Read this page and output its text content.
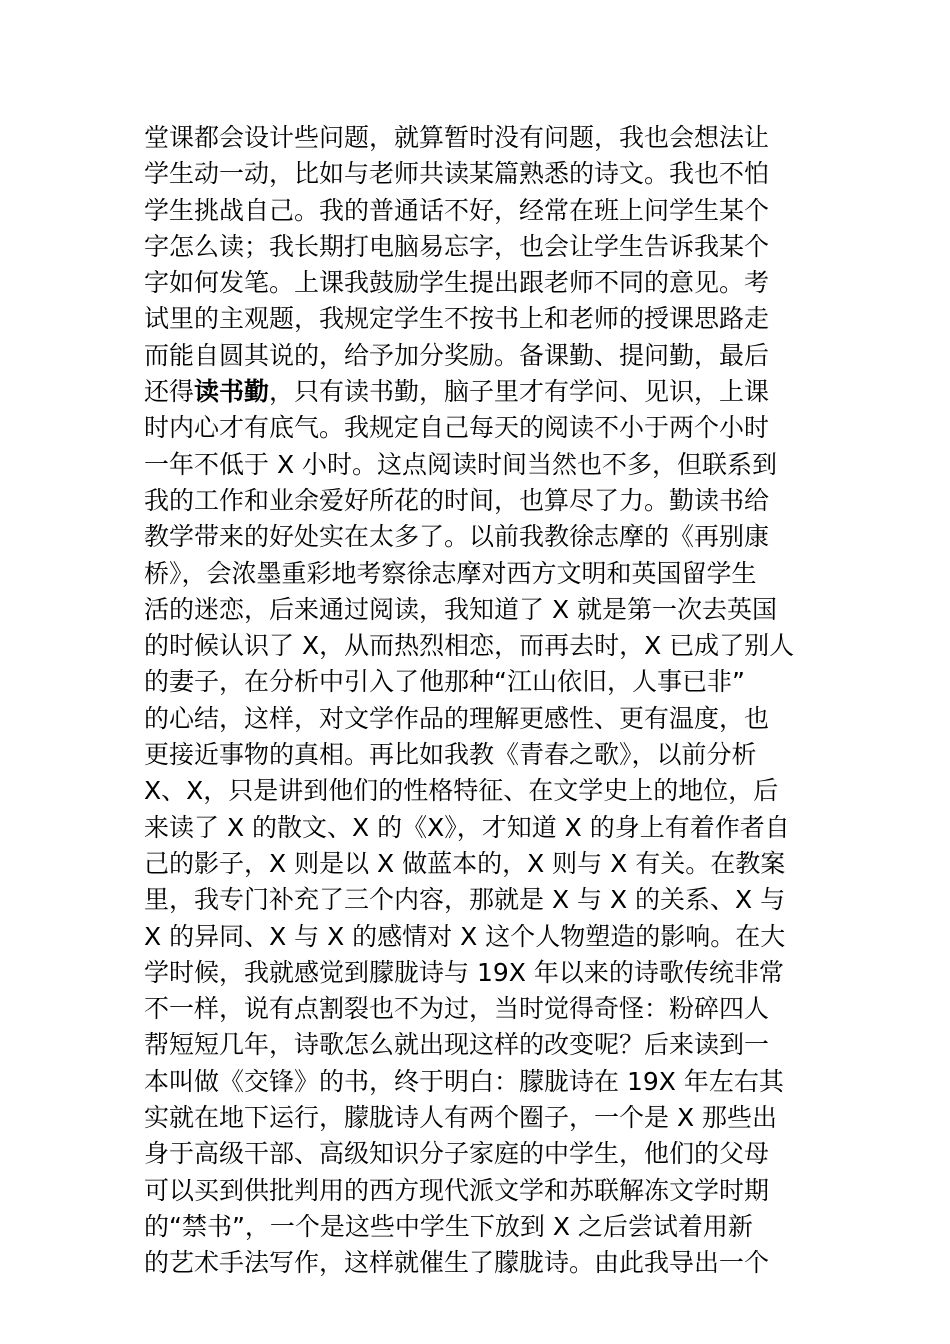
堂课都会设计些问题，就算暂时没有问题，我也会想法让
学生动一动，比如与老师共读某篇熟悉的诗文。我也不怕
学生挑战自己。我的普通话不好，经常在班上问学生某个
字怎么读；我长期打电脑易忘字，也会让学生告诉我某个
字如何发笔。上课我鼓励学生提出跟老师不同的意见。考
试里的主观题，我规定学生不按书上和老师的授课思路走
而能自圆其说的，给予加分奖励。备课勤、提问勤，最后
还得读书勤，只有读书勤，脑子里才有学问、见识，上课
时内心才有底气。我规定自己每天的阅读不小于两个小时
一年不低于 X 小时。这点阅读时间当然也不多，但联系到
我的工作和业余爱好所花的时间，也算尽了力。勤读书给
教学带来的好处实在太多了。以前我教徐志摩的《再别康
桥》，会浓墨重彩地考察徐志摩对西方文明和英国留学生
活的迷恋，后来通过阅读，我知道了 X 就是第一次去英国
的时候认识了 X，从而热烈相恋，而再去时，X 已成了别人
的妻子，在分析中引入了他那种“江山依旧，人事已非”
的心结，这样，对文学作品的理解更感性、更有温度，也
更接近事物的真相。再比如我教《青春之歌》，以前分析
X、X，只是讲到他们的性格特征、在文学史上的地位，后
来读了 X 的散文、X 的《X》，才知道 X 的身上有着作者自
己的影子，X 则是以 X 做蓝本的，X 则与 X 有关。在教案
里，我专门补充了三个内容，那就是 X 与 X 的关系、X 与
X 的异同、X 与 X 的感情对 X 这个人物塑造的影响。在大
学时候，我就感觉到朦胧诗与 19X 年以来的诗歌传统非常
不一样，说有点割裂也不为过，当时觉得奇怪：粉碎四人
帮短短几年，诗歌怎么就出现这样的改变呢？后来读到一
本叫做《交锋》的书，终于明白：朦胧诗在 19X 年左右其
实就在地下运行，朦胧诗人有两个圈子，一个是 X 那些出
身于高级干部、高级知识分子家庭的中学生，他们的父母
可以买到供批判用的西方现代派文学和苏联解冻文学时期
的“禁书”，一个是这些中学生下放到 X 之后尝试着用新
的艺术手法写作，这样就催生了朦胧诗。由此我导出一个
